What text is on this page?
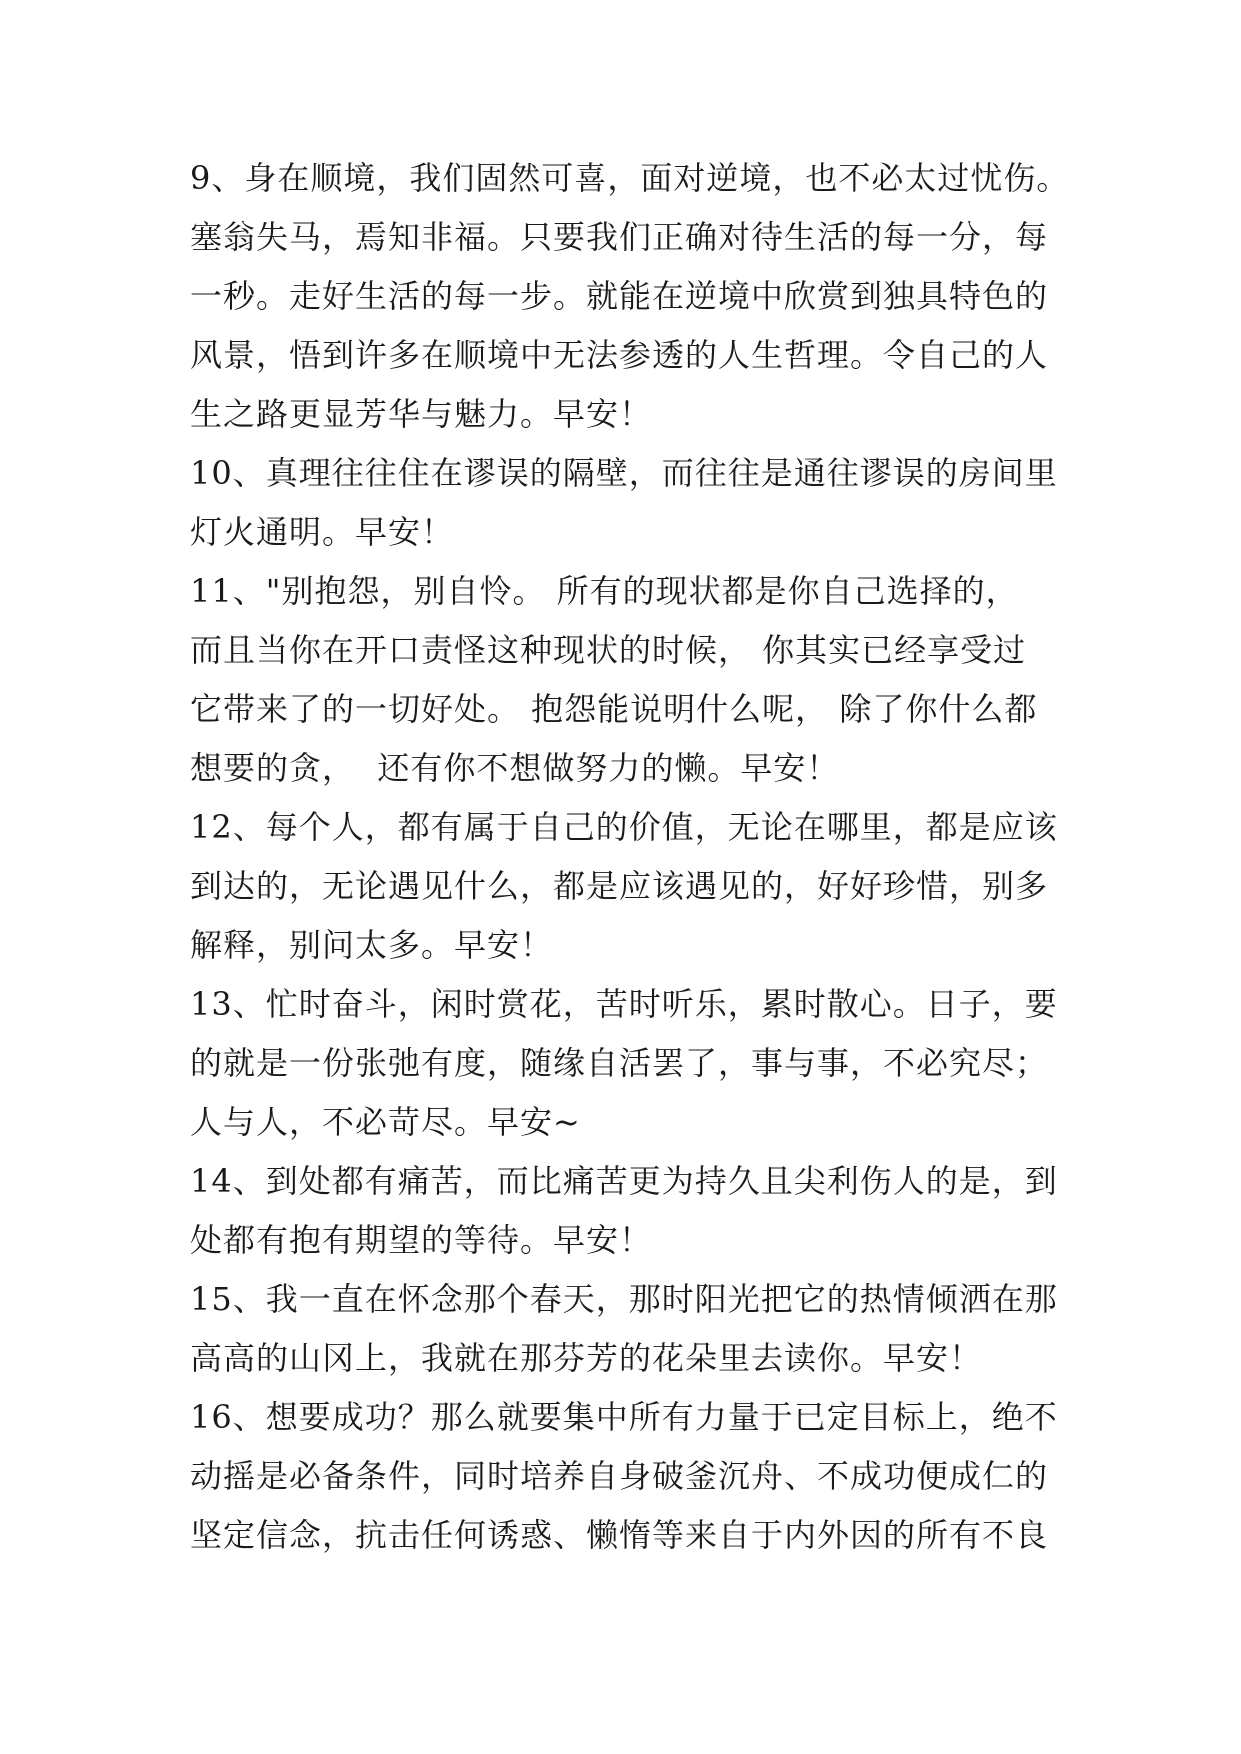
9、身在顺境，我们固然可喜，面对逆境，也不必太过忧伤。
塞翁失马，焉知非福。只要我们正确对待生活的每一分，每
一秒。走好生活的每一步。就能在逆境中欣赏到独具特色的
风景，悟到许多在顺境中无法参透的人生哲理。令自己的人
生之路更显芳华与魅力。早安！
10、真理往往住在谬误的隔壁，而往往是通往谬误的房间里
灯火通明。早安！
11、"别抱怨，别自怜。 所有的现状都是你自己选择的，
而且当你在开口责怪这种现状的时候， 你其实已经享受过
它带来了的一切好处。 抱怨能说明什么呢， 除了你什么都
想要的贪，  还有你不想做努力的懒。早安！
12、每个人，都有属于自己的价值，无论在哪里，都是应该
到达的，无论遇见什么，都是应该遇见的，好好珍惜，别多
解释，别问太多。早安！
13、忙时奋斗，闲时赏花，苦时听乐，累时散心。日子，要
的就是一份张弛有度，随缘自活罢了，事与事，不必究尽；
人与人，不必苛尽。早安~
14、到处都有痛苦，而比痛苦更为持久且尖利伤人的是，到
处都有抱有期望的等待。早安！
15、我一直在怀念那个春天，那时阳光把它的热情倾洒在那
高高的山冈上，我就在那芬芳的花朵里去读你。早安！
16、想要成功？那么就要集中所有力量于已定目标上，绝不
动摇是必备条件，同时培养自身破釜沉舟、不成功便成仁的
坚定信念，抗击任何诱惑、懒惰等来自于内外因的所有不良
